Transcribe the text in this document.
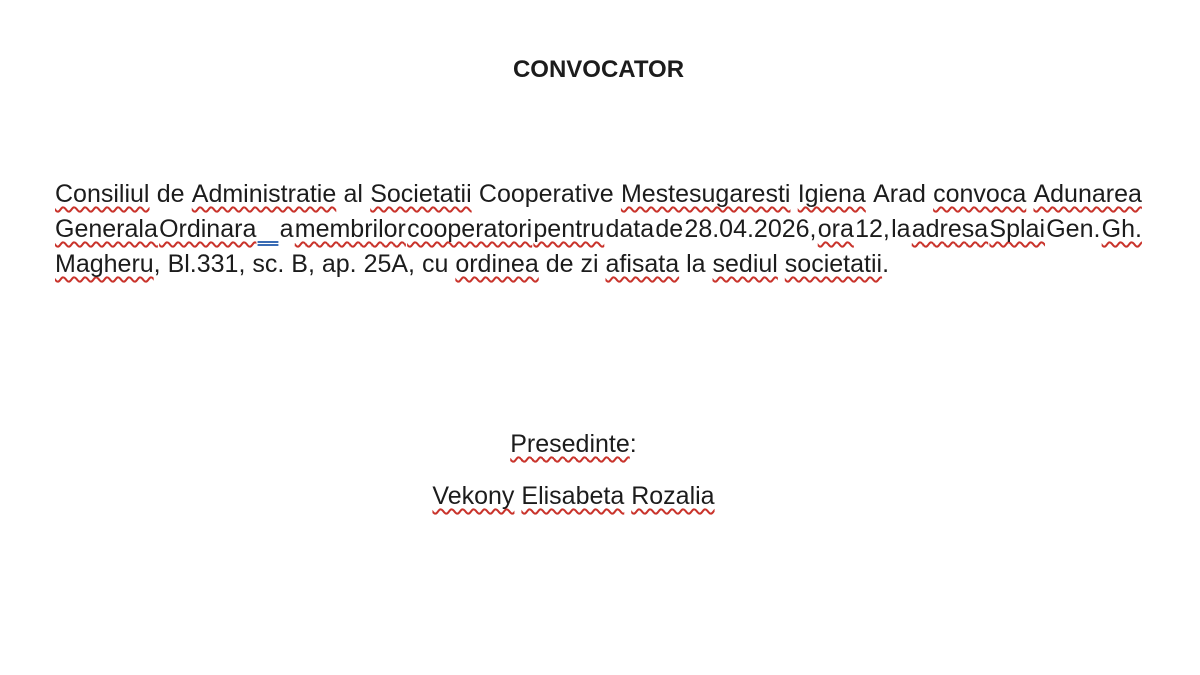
CONVOCATOR
Consiliul de Administratie al Societatii Cooperative Mestesugaresti Igiena Arad convoca Adunarea
Generala Ordinara
a membrilor cooperatori pentru data de 28.04.2026, ora 12, la adresa Splai Gen. Gh.
Magheru, Bl.331, sc. B, ap. 25A, cu ordinea de zi afisata la sediul societatii.
Presedinte:
Vekony Elisabeta Rozalia
